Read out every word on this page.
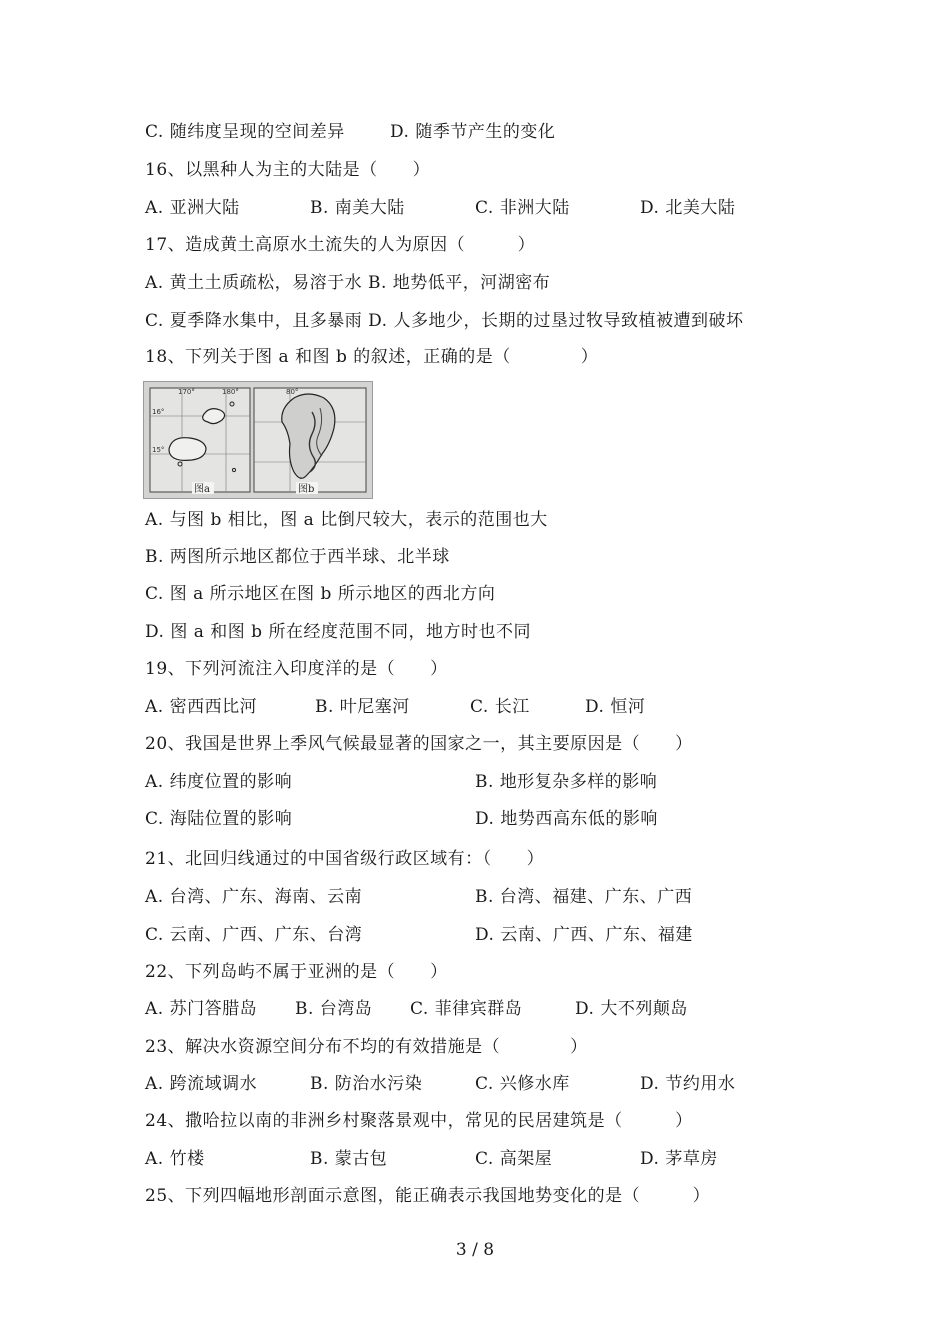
C. 随纬度呈现的空间差异	D. 随季节产生的变化
16、以黑种人为主的大陆是（　　）
A. 亚洲大陆	B. 南美大陆	C. 非洲大陆	D. 北美大陆
17、造成黄土高原水土流失的人为原因（　　　）
A. 黄土土质疏松，易溶于水 B. 地势低平，河湖密布
C. 夏季降水集中，且多暴雨 D. 人多地少，长期的过垦过牧导致植被遭到破坏
18、下列关于图 a 和图 b 的叙述，正确的是（　　　　）
A. 与图 b 相比，图 a 比倒尺较大，表示的范围也大
B. 两图所示地区都位于西半球、北半球
C. 图 a 所示地区在图 b 所示地区的西北方向
D. 图 a 和图 b 所在经度范围不同，地方时也不同
19、下列河流注入印度洋的是（　　）
A. 密西西比河	B. 叶尼塞河	C. 长江	D. 恒河
20、我国是世界上季风气候最显著的国家之一，其主要原因是（　　）
A. 纬度位置的影响	B. 地形复杂多样的影响
C. 海陆位置的影响	D. 地势西高东低的影响
21、北回归线通过的中国省级行政区域有：（　　）
A. 台湾、广东、海南、云南	B. 台湾、福建、广东、广西
C. 云南、广西、广东、台湾	D. 云南、广西、广东、福建
22、下列岛屿不属于亚洲的是（　　）
A. 苏门答腊岛 B. 台湾岛 C. 菲律宾群岛	D. 大不列颠岛
23、解决水资源空间分布不均的有效措施是（　　　　）
A. 跨流域调水	B. 防治水污染	C. 兴修水库	D. 节约用水
24、撒哈拉以南的非洲乡村聚落景观中，常见的民居建筑是（　　　）
A. 竹楼	B. 蒙古包	C. 高架屋	D. 茅草房
25、下列四幅地形剖面示意图，能正确表示我国地势变化的是（　　　）
170°	180°
16°
15°
80°
图a	图b
3 / 8
